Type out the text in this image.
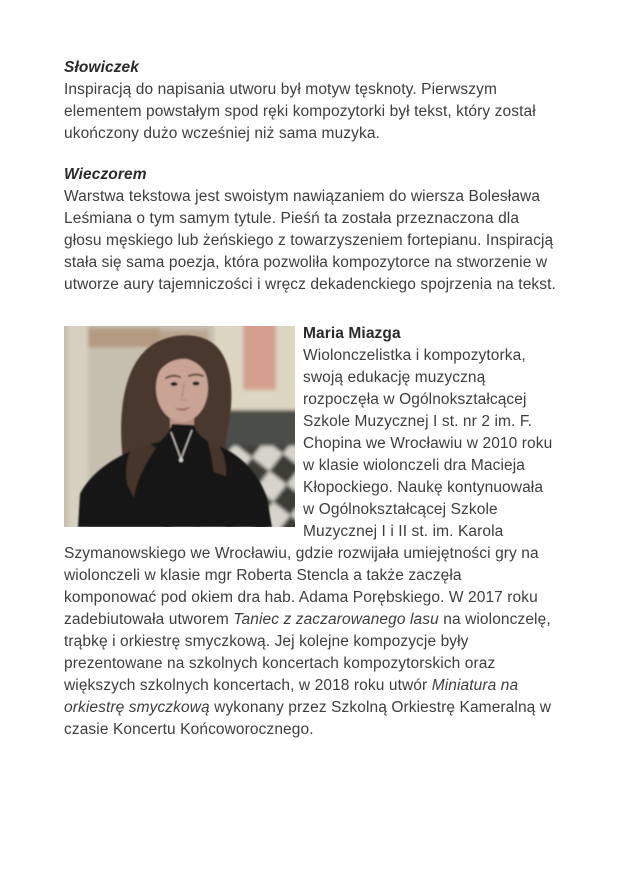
Słowiczek

Inspiracją do napisania utworu był motyw tęsknoty. Pierwszym elementem powstałym spod ręki kompozytorki był tekst, który został ukończony dużo wcześniej niż sama muzyka.

Wieczorem

Warstwa tekstowa jest swoistym nawiązaniem do wiersza Bolesława Leśmiana o tym samym tytule. Pieśń ta została przeznaczona dla głosu męskiego lub żeńskiego z towarzyszeniem fortepianu. Inspiracją stała się sama poezja, która pozwoliła kompozytorce na stworzenie w utworze aury tajemniczości i wręcz dekadenckiego spojrzenia na tekst.

Maria Miazga

Wiolonczelistka i kompozytorka, swoją edukację muzyczną rozpoczęła w Ogólnokształcącej Szkole Muzycznej I st. nr 2 im. F. Chopina we Wrocławiu w 2010 roku w klasie wiolonczeli dra Macieja Kłopockiego. Naukę kontynuowała w Ogólnokształcącej Szkole Muzycznej I i II st. im. Karola Szymanowskiego we Wrocławiu, gdzie rozwijała umiejętności gry na wiolonczeli w klasie mgr Roberta Stencla a także zaczęła komponować pod okiem dra hab. Adama Porębskiego. W 2017 roku zadebiutowała utworem Taniec z zaczarowanego lasu na wiolonczelę, trąbkę i orkiestrę smyczkową. Jej kolejne kompozycje były prezentowane na szkolnych koncertach kompozytorskich oraz większych szkolnych koncertach, w 2018 roku utwór Miniatura na orkiestrę smyczkową wykonany przez Szkolną Orkiestrę Kameralną w czasie Koncertu Końcoworocznego.
